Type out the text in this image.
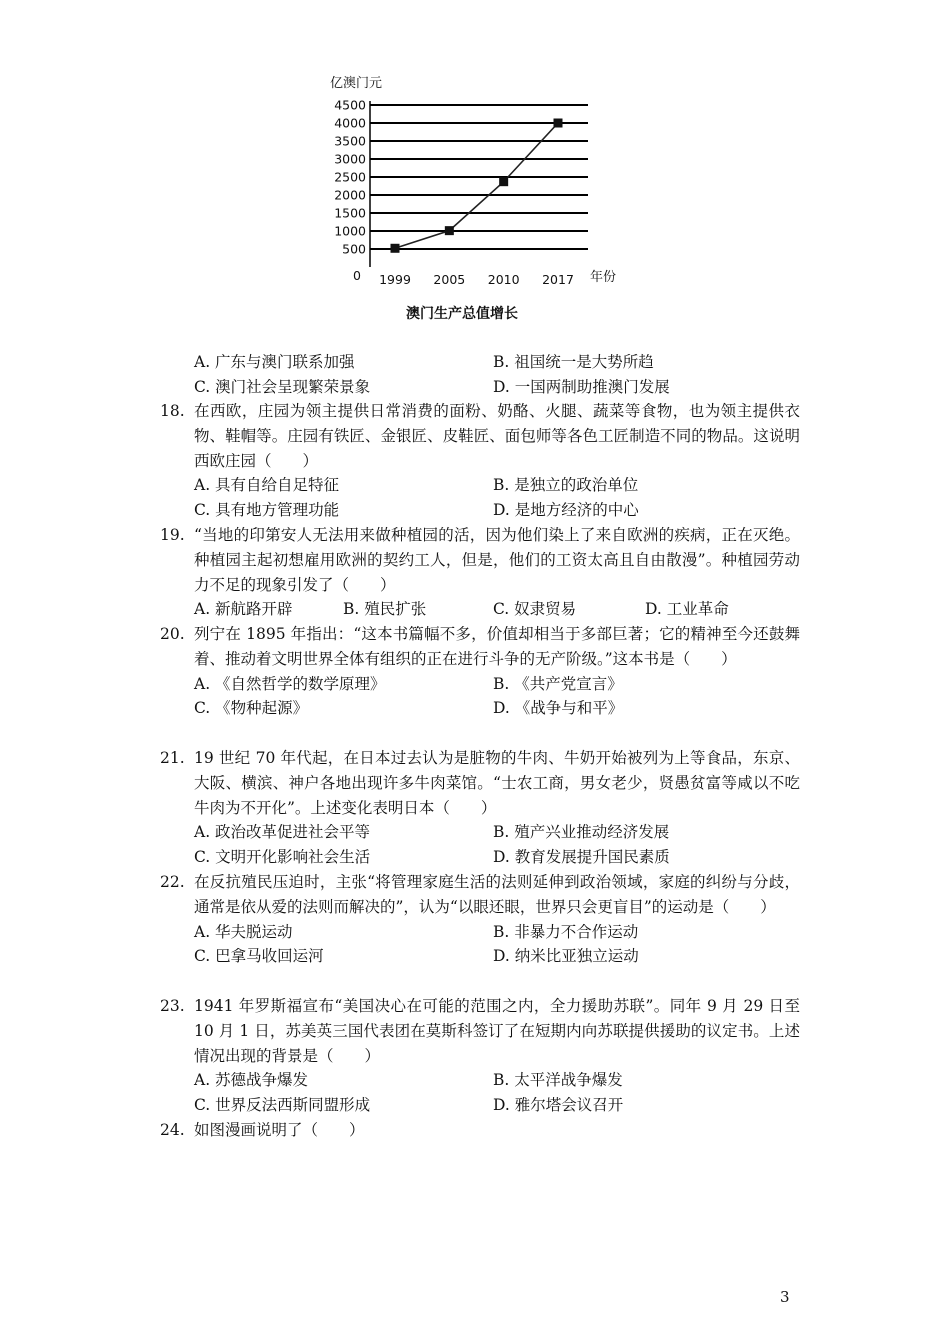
亿澳门元
0
500
1000
1500
2000
2500
3000
3500
4000
4500
1999 2005 2010 2017 年份
澳门生产总值增长
A. 广东与澳门联系加强	B. 祖国统一是大势所趋
C. 澳门社会呈现繁荣景象	D. 一国两制助推澳门发展
18. 在西欧，庄园为领主提供日常消费的面粉、奶酪、火腿、蔬菜等食物，也为领主提供衣物、鞋帽等。庄园有铁匠、金银匠、皮鞋匠、面包师等各色工匠制造不同的物品。这说明西欧庄园（　　）
A. 具有自给自足特征	B. 是独立的政治单位
C. 具有地方管理功能	D. 是地方经济的中心
19. “当地的印第安人无法用来做种植园的活，因为他们染上了来自欧洲的疾病，正在灭绝。种植园主起初想雇用欧洲的契约工人，但是，他们的工资太高且自由散漫”。种植园劳动力不足的现象引发了（　　）
A. 新航路开辟	B. 殖民扩张	C. 奴隶贸易	D. 工业革命
20. 列宁在 1895 年指出：“这本书篇幅不多，价值却相当于多部巨著；它的精神至今还鼓舞着、推动着文明世界全体有组织的正在进行斗争的无产阶级。”这本书是（　　）
A. 《自然哲学的数学原理》	B. 《共产党宣言》
C. 《物种起源》	D. 《战争与和平》
21. 19 世纪 70 年代起，在日本过去认为是脏物的牛肉、牛奶开始被列为上等食品，东京、大阪、横滨、神户各地出现许多牛肉菜馆。“士农工商，男女老少，贤愚贫富等咸以不吃牛肉为不开化”。上述变化表明日本（　　）
A. 政治改革促进社会平等	B. 殖产兴业推动经济发展
C. 文明开化影响社会生活	D. 教育发展提升国民素质
22. 在反抗殖民压迫时，主张“将管理家庭生活的法则延伸到政治领域，家庭的纠纷与分歧，通常是依从爱的法则而解决的”，认为“以眼还眼，世界只会更盲目”的运动是（　　）
A. 华夫脱运动	B. 非暴力不合作运动
C. 巴拿马收回运河	D. 纳米比亚独立运动
23. 1941 年罗斯福宣布“美国决心在可能的范围之内，全力援助苏联”。同年 9 月 29 日至 10 月 1 日，苏美英三国代表团在莫斯科签订了在短期内向苏联提供援助的议定书。上述情况出现的背景是（　　）
A. 苏德战争爆发	B. 太平洋战争爆发
C. 世界反法西斯同盟形成	D. 雅尔塔会议召开
24. 如图漫画说明了（　　）
3
